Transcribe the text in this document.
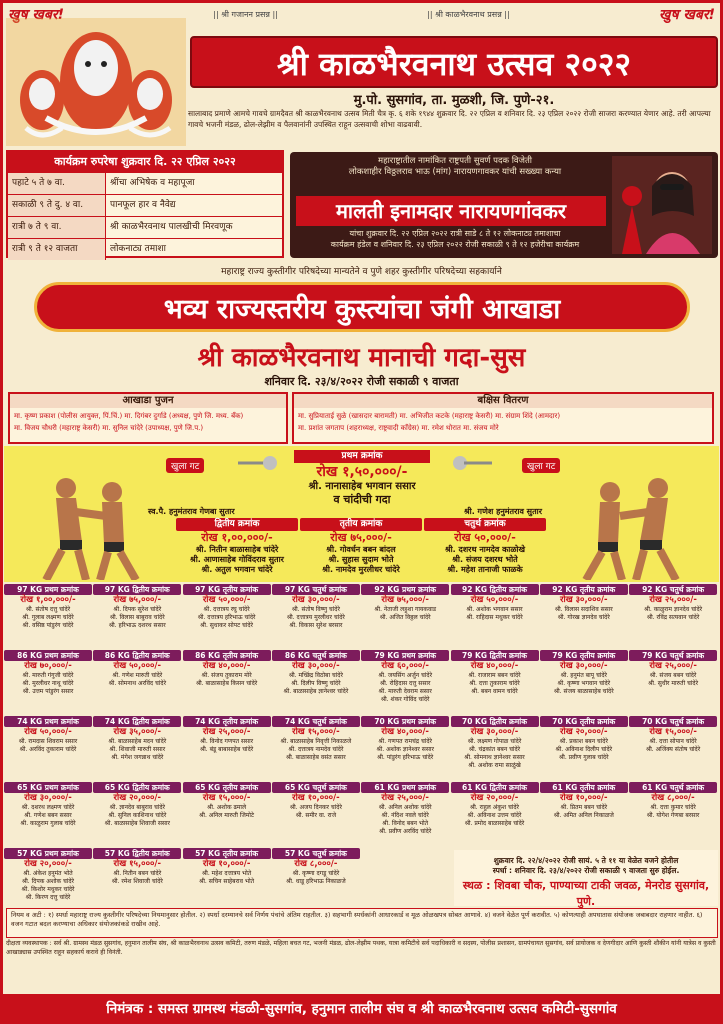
खुष खबर!	|| श्री गजानन प्रसन्न ||	|| श्री काळभैरवनाथ प्रसन्न ||	खुष खबर!
श्री काळभैरवनाथ उत्सव २०२२
मु.पो. सुसगांव, ता. मुळशी, जि. पुणे-२१.
सालाबाद प्रमाणे आमचे गावचे ग्रामदैवत श्री काळभैरवनाथ उत्सव मिती चैत्र कृ. ६ शके १९४४ शुक्रवार दि. २२ एप्रिल व शनिवार दि. २३ एप्रिल २०२२ रोजी साजरा करण्यात येणार आहे. तरी आपल्या गावचे भजनी मंडळ, ढोल-लेझीम व पैलवानांनी उपस्थित राहून उत्सवाची शोभा वाढवावी.
कार्यक्रम रुपरेषा शुक्रवार दि. २२ एप्रिल २०२२
पहाटे ५ ते ७ वा.	श्रींचा अभिषेक व महापूजा
सकाळी ९ ते दु. ४ वा.	पानफूल हार व नैवेद्य
रात्री ७ ते ९ वा.	श्री काळभैरवनाथ पालखीची मिरवणूक
रात्री ९ ते १२ वाजता	लोकनाट्य तमाशा
महाराष्ट्रातील नामांकित राष्ट्रपती सुवर्ण पदक विजेती
लोकशाहीर विठ्ठलराव भाऊ (मांग) नारायणगावकर यांची सख्ख्या कन्या
मालती इनामदार नारायणगांवकर
यांचा शुक्रवार दि. २२ एप्रिल २०२२ रात्री साडे ८ ते १२ लोकनाट्य तमाशाचा
कार्यक्रम हंडेल व शनिवार दि. २३ एप्रिल २०२२ रोजी सकाळी ९ ते १२ हजेरीचा कार्यक्रम
महाराष्ट्र राज्य कुस्तीगीर परिषदेच्या मान्यतेने व पुणे शहर कुस्तीगीर परिषदेच्या सहकार्याने
भव्य राज्यस्तरीय कुस्त्यांचा जंगी आखाडा
श्री काळभैरवनाथ मानाची गदा-सुस
शनिवार दि. २३/४/२०२२ रोजी सकाळी ९ वाजता
आखाडा पुजन
मा. कृष्ण प्रकाश (पोलीस आयुक्त, पिं.चिं.) मा. दिगंबर दुर्गाडे (अध्यक्ष, पुणे जि. मध्य. बँक)
मा. विजय चौधरी (महाराष्ट्र केसरी) मा. सुनिल चांदेरे (उपाध्यक्ष, पुणे जि.प.)
बक्षिस वितरण
मा. सुप्रियाताई सुळे (खासदार बारामती) मा. अभिजीत कटके (महाराष्ट्र केसरी) मा. संग्राम शिंदे (आमदार)
मा. प्रशांत जगताप (शहराध्यक्ष, राष्ट्रवादी काँग्रेस) मा. रमेश थोरात मा. संजय मोरे
खुला गट	खुला गट
प्रथम क्रमांक
रोख १,५०,०००/-
श्री. नानासाहेब भगवान ससार
व चांदीची गदा
स्व.पै. हनुमंतराव गेणबा सुतार	श्री. गणेश हनुमंतराव सुतार
द्वितीय क्रमांक
रोख १,००,०००/-
श्री. नितीन बाळासाहेब चांदेरे
श्री. आणासाहेब गोविंदराव सुतार
श्री. अतुल भगवान चांदेरे
तृतीय क्रमांक
रोख ७५,०००/-
श्री. गोवर्धन बबन बांदल
श्री. सुहास सुदाम भोते
श्री. नामदेव मुरलीधर चांदेरे
चतुर्थ क्रमांक
रोख ५०,०००/-
श्री. दशरथ नामदेव काळोखे
श्री. संजय दशरथ भोते
श्री. महेश तानाजी फाळके
97 KG प्रथम क्रमांक
रोख १,००,०००/-
श्री. संतोष दत्तु चांदेरे
श्री. गुलाब लक्ष्मण चांदेरे
श्री. वसिष्ठ पांडुरंग चांदेरे
97 KG द्वितीय क्रमांक
रोख ७५,०००/-
श्री. दिपक सुरेश चांदेरे
श्री. विलास बाबुराव चांदेरे
श्री. हरिभाऊ दशरथ ससार
97 KG तृतीय क्रमांक
रोख ५०,०००/-
श्री. दत्तात्रय रघु चांदेरे
श्री. दत्तात्रय हरिभाऊ चांदेरे
श्री. सुधाकर सोपट चांदेरे
97 KG चतुर्थ क्रमांक
रोख ३०,०००/-
श्री. संतोष विष्णु चांदेरे
श्री. दत्तात्रय मुरलीधर चांदेरे
श्री. विकास सुरेश बरसार
92 KG प्रथम क्रमांक
रोख ७५,०००/-
श्री. नेताजी लहुशा गायकवाड
श्री. अजित विठ्ठल चांदेरे
92 KG द्वितीय क्रमांक
रोख ५०,०००/-
श्री. अशोक भगवान ससार
श्री. राहिदास मधुकर चांदेरे
92 KG तृतीय क्रमांक
रोख ३०,०००/-
श्री. विलास सदाशिव ससार
श्री. गोरख ज्ञानदेव चांदेरे
92 KG चतुर्थ क्रमांक
रोख २५,०००/-
श्री. काळुराम ज्ञानदेव चांदेरे
श्री. रविंद्र सत्यवान चांदेरे
86 KG प्रथम क्रमांक
रोख ७०,०००/-
श्री. मारुती गंगुजी चांदेरे
श्री. मुरलीधर नाथू चांदेरे
श्री. उत्तम पांडुरंग ससार
86 KG द्वितीय क्रमांक
रोख ५०,०००/-
श्री. गणेश मारुती चांदेरे
श्री. सोमनाथ अरविंद चांदेरे
86 KG तृतीय क्रमांक
रोख ४०,०००/-
श्री. संजय तुकाराम मोरे
श्री. बाळासाहेब किसन चांदेरे
86 KG चतुर्थ क्रमांक
रोख ३०,०००/-
श्री. मच्छिंद्र विठोबा चांदेरे
श्री. दिलीप विष्णु चांदेरे
श्री. बाळासाहेब ज्ञानेश्वर चांदेरे
79 KG प्रथम क्रमांक
रोख ६०,०००/-
श्री. जयसिंग अर्जुन चांदेरे
श्री. रोहिदास दत्तु ससार
श्री. मारुती देवराम ससार
श्री. शंकर गोविंद चांदेरे
79 KG द्वितीय क्रमांक
रोख ४०,०००/-
श्री. राजाराम बबन चांदेरे
श्री. दत्ता तुकाराम चांदेरे
श्री. बबन वामन चांदेरे
79 KG तृतीय क्रमांक
रोख ३०,०००/-
श्री. हनुमंत बापू चांदेरे
श्री. कृष्णा भगवान चांदेरे
श्री. संजय बाळासाहेब चांदेरे
79 KG चतुर्थ क्रमांक
रोख २५,०००/-
श्री. संजय बबन चांदेरे
श्री. सुधीर मारुती चांदेरे
74 KG प्रथम क्रमांक
रोख ५०,०००/-
श्री. रामदास शिवराम ससार
श्री. अरविंद तुकाराम चांदेरे
74 KG द्वितीय क्रमांक
रोख ३५,०००/-
श्री. बाळासाहेब मदन चांदेरे
श्री. शिवाजी मारुती ससार
श्री. मंगेश जगन्नाथ चांदेरे
74 KG तृतीय क्रमांक
रोख २५,०००/-
श्री. विनोद गणपत ससार
श्री. बंडू बाबासाहेब चांदेरे
74 KG चतुर्थ क्रमांक
रोख १५,०००/-
श्री. बाळासाहेब निवृत्ती निकाळजे
श्री. दत्तात्रय नामदेव चांदेरे
श्री. बाळासाहेब वसंत ससार
70 KG प्रथम क्रमांक
रोख ४०,०००/-
श्री. गणपत रामचंद्र चांदेरे
श्री. अशोक ज्ञानेश्वर ससार
श्री. पांडुरंग हरिभाऊ चांदेरे
70 KG द्वितीय क्रमांक
रोख ३०,०००/-
श्री. लक्ष्मण गोपाळ चांदेरे
श्री. चंद्रकांत बबन चांदेरे
श्री. सोमनाथ ज्ञानेश्वर ससार
श्री. अशोक रामा साळुंखे
70 KG तृतीय क्रमांक
रोख २०,०००/-
श्री. प्रकाश बबन चांदेरे
श्री. अविनाश दिलीप चांदेरे
श्री. प्रवीण गुलाब चांदेरे
70 KG चतुर्थ क्रमांक
रोख १५,०००/-
श्री. दत्ता सोपान चांदेरे
श्री. अजिंक्य संतोष चांदेरे
65 KG प्रथम क्रमांक
रोख ३०,०००/-
श्री. दशरथ लक्ष्मण चांदेरे
श्री. गणेश बबन ससार
श्री. काळुराम गुलाब चांदेरे
65 KG द्वितीय क्रमांक
रोख २०,०००/-
श्री. ज्ञानदेव बाबुराव चांदेरे
श्री. सुनिल काशिनाथ चांदेरे
श्री. बाळासाहेब शिवाजी ससार
65 KG तृतीय क्रमांक
रोख १५,०००/-
श्री. अशोक ढमाले
श्री. अनिल मारुती जिमोटे
65 KG चतुर्थ क्रमांक
रोख १०,०००/-
श्री. अजय दिनकर चांदेरे
श्री. समीर वा. राजे
61 KG प्रथम क्रमांक
रोख २५,०००/-
श्री. अनिल अशोक चांदेरे
श्री. नंदिश नवले चांदेरे
श्री. विनोद बबन भोते
श्री. प्रवीण अरविंद चांदेरे
61 KG द्वितीय क्रमांक
रोख २०,०००/-
श्री. राहुल अंकुश चांदेरे
श्री. अविनाश उत्तम चांदेरे
श्री. प्रमोद बाळासाहेब चांदेरे
61 KG तृतीय क्रमांक
रोख १०,०००/-
श्री. प्रितम बबन चांदेरे
श्री. अमित अनिल निकाळजे
61 KG चतुर्थ क्रमांक
रोख ८,०००/-
श्री. दत्ता कुमार चांदेरे
श्री. योगेश गेणबा बरसार
57 KG प्रथम क्रमांक
रोख २०,०००/-
श्री. अंकेश हनुमंत भोते
श्री. दिपक अशोक चांदेरे
श्री. किशोर मधुकर चांदेरे
श्री. किरण दत्तु चांदेरे
57 KG द्वितीय क्रमांक
रोख १५,०००/-
श्री. नितीन बबन चांदेरे
श्री. रमेश शिवाजी चांदेरे
57 KG तृतीय क्रमांक
रोख १०,०००/-
श्री. महेश दत्तात्रय भोते
श्री. सचिन साहेबराव भोते
57 KG चतुर्थ क्रमांक
रोख ८,०००/-
श्री. कृष्णा दगडू चांदेरे
श्री. धाडू हरिभाऊ निकाळजे
शुक्रवार दि. २२/४/२०२२ रोजी सायं. ५ ते ११ या वेळेत वजने होतील
स्पर्धा : शनिवार दि. २३/४/२०२२ रोजी सकाळी ९ वाजता सुरु होईल.
स्थळ : शिवबा चौक, पाण्याच्या टाकी जवळ, मेनरोड सुसगांव, पुणे.
नियम व अटी : १) स्पर्धा महाराष्ट्र राज्य कुस्तीगीर परिषदेच्या नियमानुसार होतील. २) स्पर्धा दरम्यानचे सर्व निर्णय पंचांचे अंतिम राहतील. ३) सहभागी स्पर्धकांनी आधारकार्ड व मूळ ओळखपत्र सोबत आणावे. ४) वजने वेळेत पूर्ण करावीत. ५) कोणत्याही अपघातास संयोजक जबाबदार राहणार नाहीत. ६) वजन गटात बदल करण्याचा अधिकार संयोजकांकडे राखीव आहे.
दीक्षता व्यवस्थापक : सर्व श्री. ग्रामस्थ मंडळ सुसगांव, हनुमान तालीम संघ, श्री काळभैरवनाथ उत्सव कमिटी, तरुण मंडळे, महिला बचत गट, भजनी मंडळ, ढोल-लेझीम पथक, यात्रा कमिटीचे सर्व पदाधिकारी व सदस्य, पोलीस प्रशासन, ग्रामपंचायत सुसगांव, सर्व प्रायोजक व देणगीदार आणि कुस्ती शौकीन यांनी यात्रेस व कुस्ती आखाड्यास उपस्थित राहून सहकार्य करावे ही विनंती.
निमंत्रक : समस्त ग्रामस्थ मंडळी-सुसगांव, हनुमान तालीम संघ व श्री काळभैरवनाथ उत्सव कमिटी-सुसगांव
